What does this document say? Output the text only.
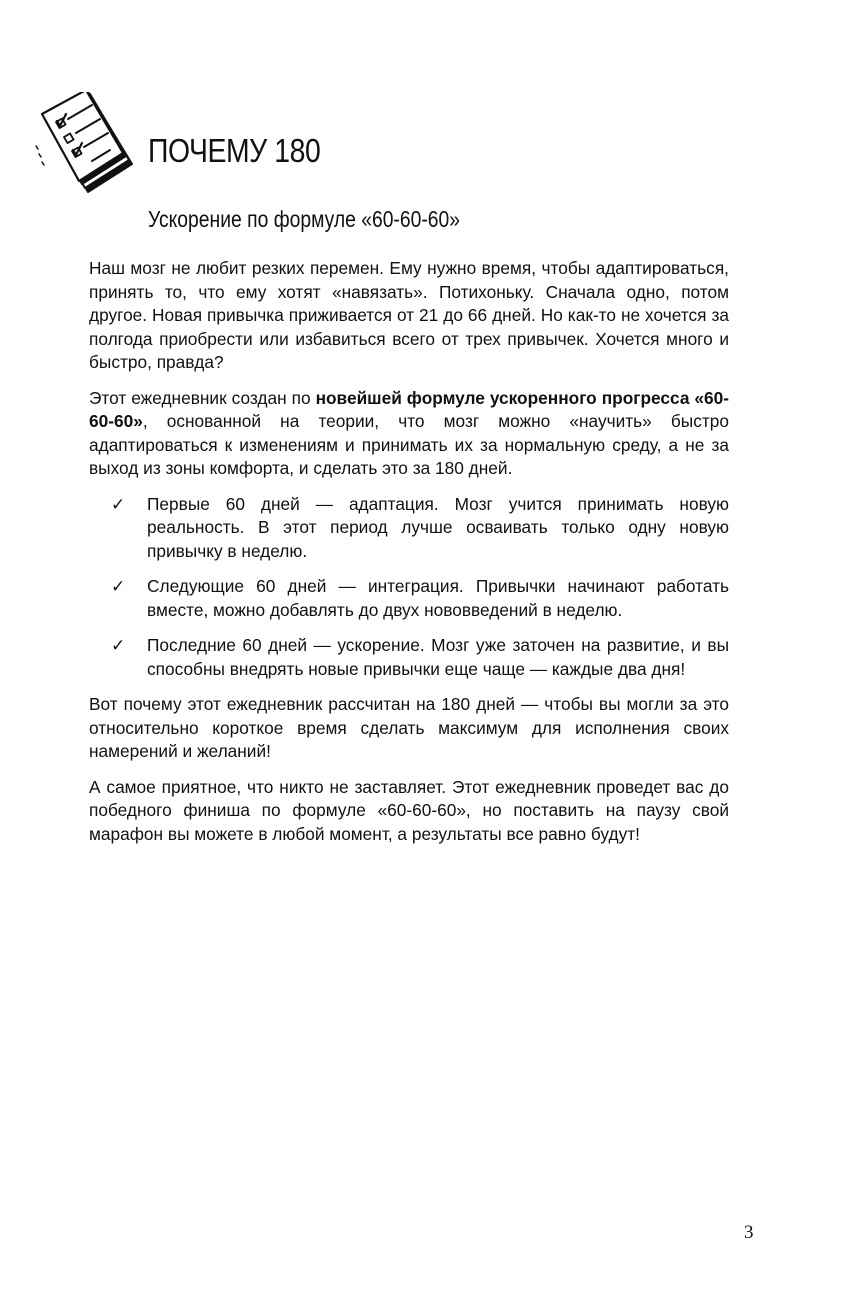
ПОЧЕМУ 180
Ускорение по формуле «60-60-60»

Наш мозг не любит резких перемен. Ему нужно время, чтобы адаптироваться, принять то, что ему хотят «навязать». Потихоньку. Сначала одно, потом другое. Новая привычка приживается от 21 до 66 дней. Но как-то не хочется за полгода приобрести или избавиться всего от трех привычек. Хочется много и быстро, правда?

Этот ежедневник создан по новейшей формуле ускоренного прогресса «60-60-60», основанной на теории, что мозг можно «научить» быстро адаптироваться к изменениям и принимать их за нормальную среду, а не за выход из зоны комфорта, и сделать это за 180 дней.

✓ Первые 60 дней — адаптация. Мозг учится принимать новую реальность. В этот период лучше осваивать только одну новую привычку в неделю.
✓ Следующие 60 дней — интеграция. Привычки начинают работать вместе, можно добавлять до двух нововведений в неделю.
✓ Последние 60 дней — ускорение. Мозг уже заточен на развитие, и вы способны внедрять новые привычки еще чаще — каждые два дня!

Вот почему этот ежедневник рассчитан на 180 дней — чтобы вы могли за это относительно короткое время сделать максимум для исполнения своих намерений и желаний!

А самое приятное, что никто не заставляет. Этот ежедневник проведет вас до победного финиша по формуле «60-60-60», но поставить на паузу свой марафон вы можете в любой момент, а результаты все равно будут!

3
